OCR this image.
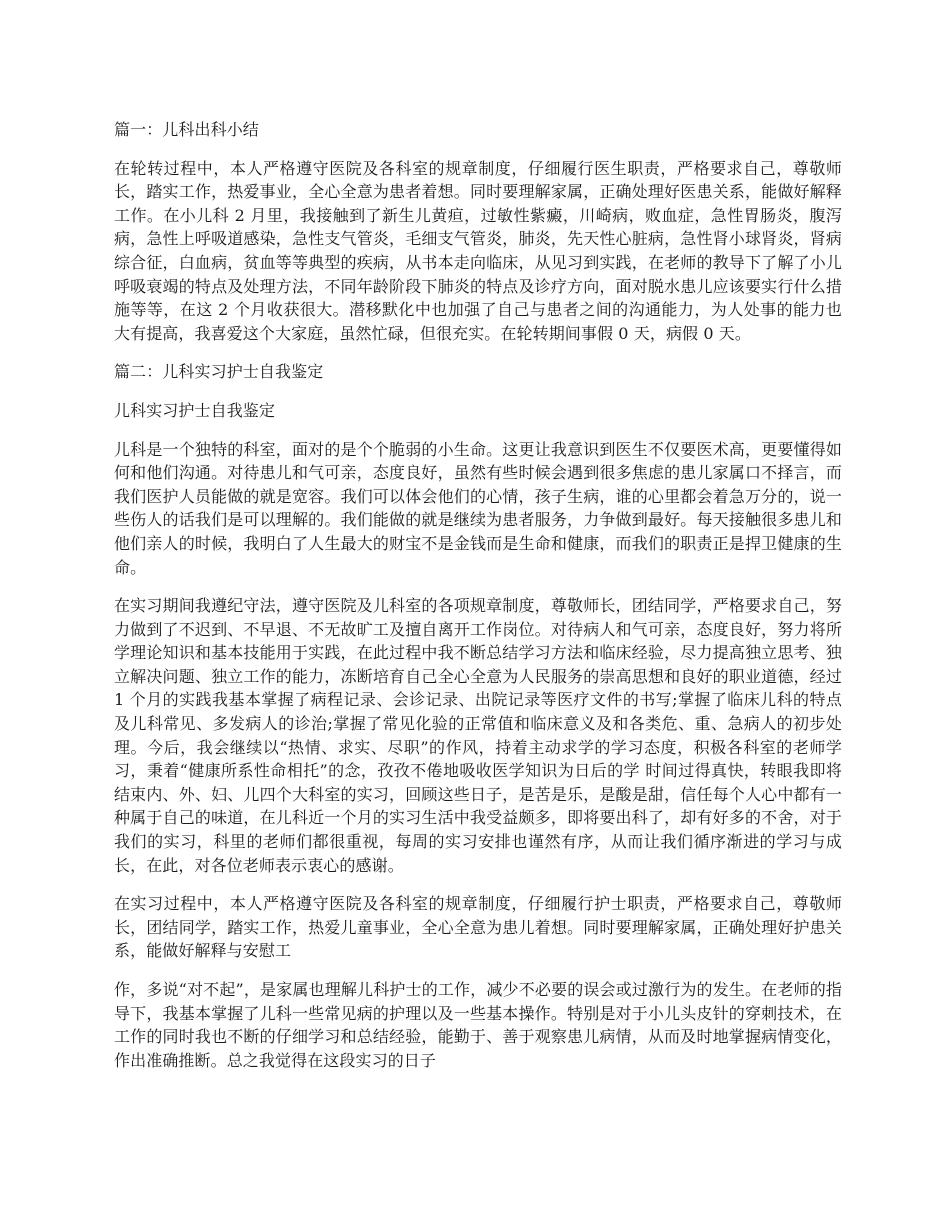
篇一：儿科出科小结
在轮转过程中，本人严格遵守医院及各科室的规章制度，仔细履行医生职责，严格要求自己，尊敬师长，踏实工作，热爱事业，全心全意为患者着想。同时要理解家属，正确处理好医患关系，能做好解释工作。在小儿科 2 月里，我接触到了新生儿黄疸，过敏性紫癜，川崎病，败血症，急性胃肠炎，腹泻病，急性上呼吸道感染，急性支气管炎，毛细支气管炎，肺炎，先天性心脏病，急性肾小球肾炎，肾病综合征，白血病，贫血等等典型的疾病，从书本走向临床，从见习到实践，在老师的教导下了解了小儿呼吸衰竭的特点及处理方法，不同年龄阶段下肺炎的特点及诊疗方向，面对脱水患儿应该要实行什么措施等等，在这 2 个月收获很大。潜移默化中也加强了自己与患者之间的沟通能力，为人处事的能力也大有提高，我喜爱这个大家庭，虽然忙碌，但很充实。在轮转期间事假 0 天，病假 0 天。
篇二：儿科实习护士自我鉴定
儿科实习护士自我鉴定
儿科是一个独特的科室，面对的是个个脆弱的小生命。这更让我意识到医生不仅要医术高，更要懂得如何和他们沟通。对待患儿和气可亲，态度良好，虽然有些时候会遇到很多焦虑的患儿家属口不择言，而我们医护人员能做的就是宽容。我们可以体会他们的心情，孩子生病，谁的心里都会着急万分的，说一些伤人的话我们是可以理解的。我们能做的就是继续为患者服务，力争做到最好。每天接触很多患儿和他们亲人的时候，我明白了人生最大的财宝不是金钱而是生命和健康，而我们的职责正是捍卫健康的生命。
在实习期间我遵纪守法，遵守医院及儿科室的各项规章制度，尊敬师长，团结同学，严格要求自己，努力做到了不迟到、不早退、不无故旷工及擅自离开工作岗位。对待病人和气可亲，态度良好，努力将所学理论知识和基本技能用于实践，在此过程中我不断总结学习方法和临床经验，尽力提高独立思考、独立解决问题、独立工作的能力，冻断培育自己全心全意为人民服务的崇高思想和良好的职业道德，经过 1 个月的实践我基本掌握了病程记录、会诊记录、出院记录等医疗文件的书写;掌握了临床儿科的特点及儿科常见、多发病人的诊治;掌握了常见化验的正常值和临床意义及和各类危、重、急病人的初步处理。今后，我会继续以“热情、求实、尽职”的作风，持着主动求学的学习态度，积极各科室的老师学习，秉着“健康所系性命相托”的念，孜孜不倦地吸收医学知识为日后的学 时间过得真快，转眼我即将结束内、外、妇、儿四个大科室的实习，回顾这些日子，是苦是乐，是酸是甜，信任每个人心中都有一种属于自己的味道，在儿科近一个月的实习生活中我受益颇多，即将要出科了，却有好多的不舍，对于我们的实习，科里的老师们都很重视，每周的实习安排也谨然有序，从而让我们循序渐进的学习与成长，在此，对各位老师表示衷心的感谢。
在实习过程中，本人严格遵守医院及各科室的规章制度，仔细履行护士职责，严格要求自己，尊敬师长，团结同学，踏实工作，热爱儿童事业，全心全意为患儿着想。同时要理解家属，正确处理好护患关系，能做好解释与安慰工
作，多说“对不起”，是家属也理解儿科护士的工作，减少不必要的误会或过激行为的发生。在老师的指导下，我基本掌握了儿科一些常见病的护理以及一些基本操作。特别是对于小儿头皮针的穿刺技术，在工作的同时我也不断的仔细学习和总结经验，能勤于、善于观察患儿病情，从而及时地掌握病情变化，作出准确推断。总之我觉得在这段实习的日子
